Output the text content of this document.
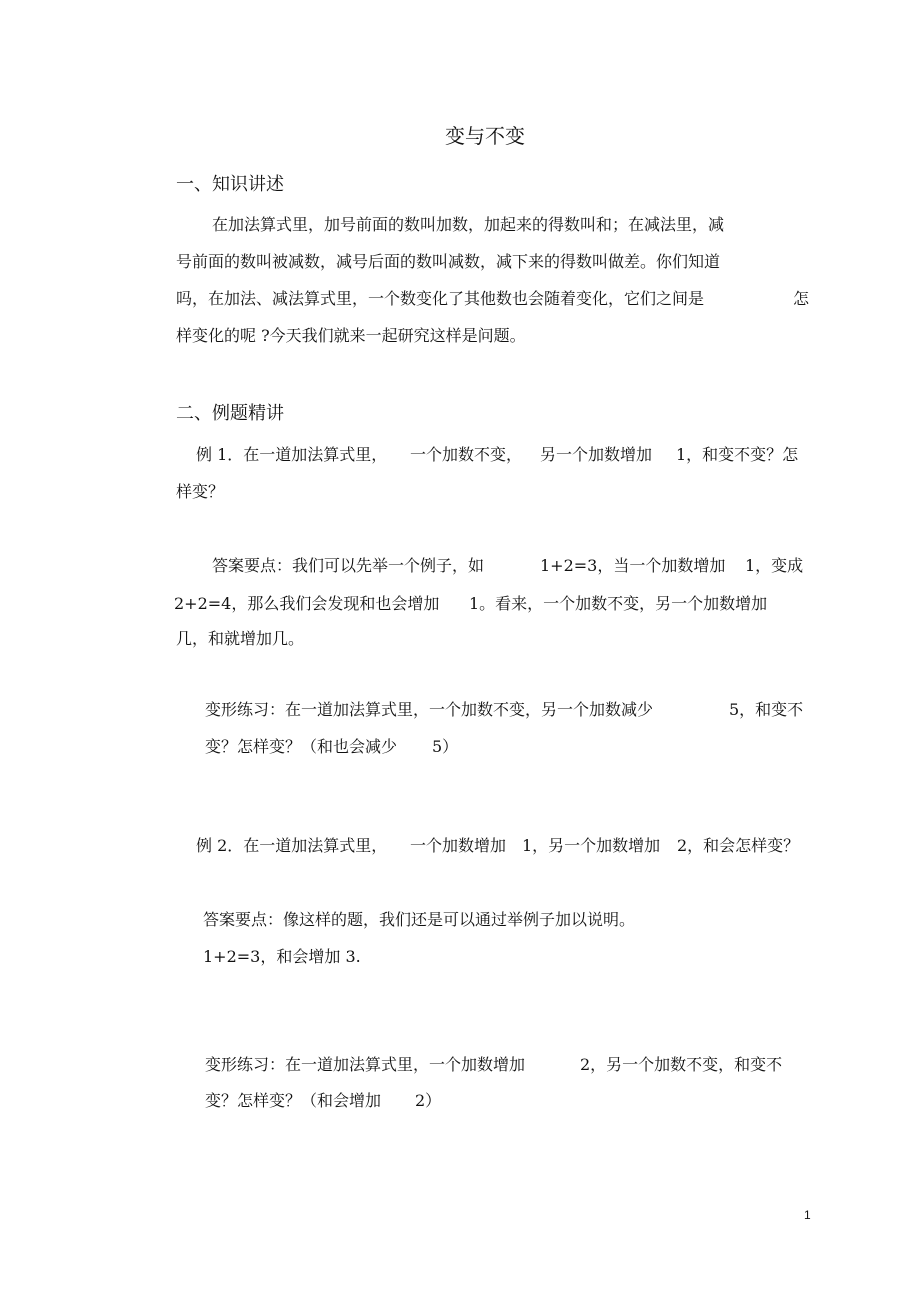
变与不变
一、知识讲述
在加法算式里，加号前面的数叫加数，加起来的得数叫和；在减法里，减
号前面的数叫被减数，减号后面的数叫减数，减下来的得数叫做差。你们知道
吗，在加法、减法算式里，一个数变化了其他数也会随着变化，它们之间是	怎
样变化的呢 ?今天我们就来一起研究这样是问题。
二、例题精讲
例 1．在一道加法算式里， 一个加数不变， 另一个加数增加 1，和变不变？怎
样变？
答案要点：我们可以先举一个例子，如	1+2=3，当一个加数增加 1，变成
2+2=4，那么我们会发现和也会增加 1。看来，一个加数不变，另一个加数增加
几，和就增加几。
变形练习：在一道加法算式里，一个加数不变，另一个加数减少	5，和变不
变？怎样变？（和也会减少 5）
例 2．在一道加法算式里， 一个加数增加 1，另一个加数增加 2，和会怎样变？
答案要点：像这样的题，我们还是可以通过举例子加以说明。
1+2=3，和会增加 3.
变形练习：在一道加法算式里，一个加数增加	2，另一个加数不变，和变不
变？怎样变？（和会增加 2）
1
